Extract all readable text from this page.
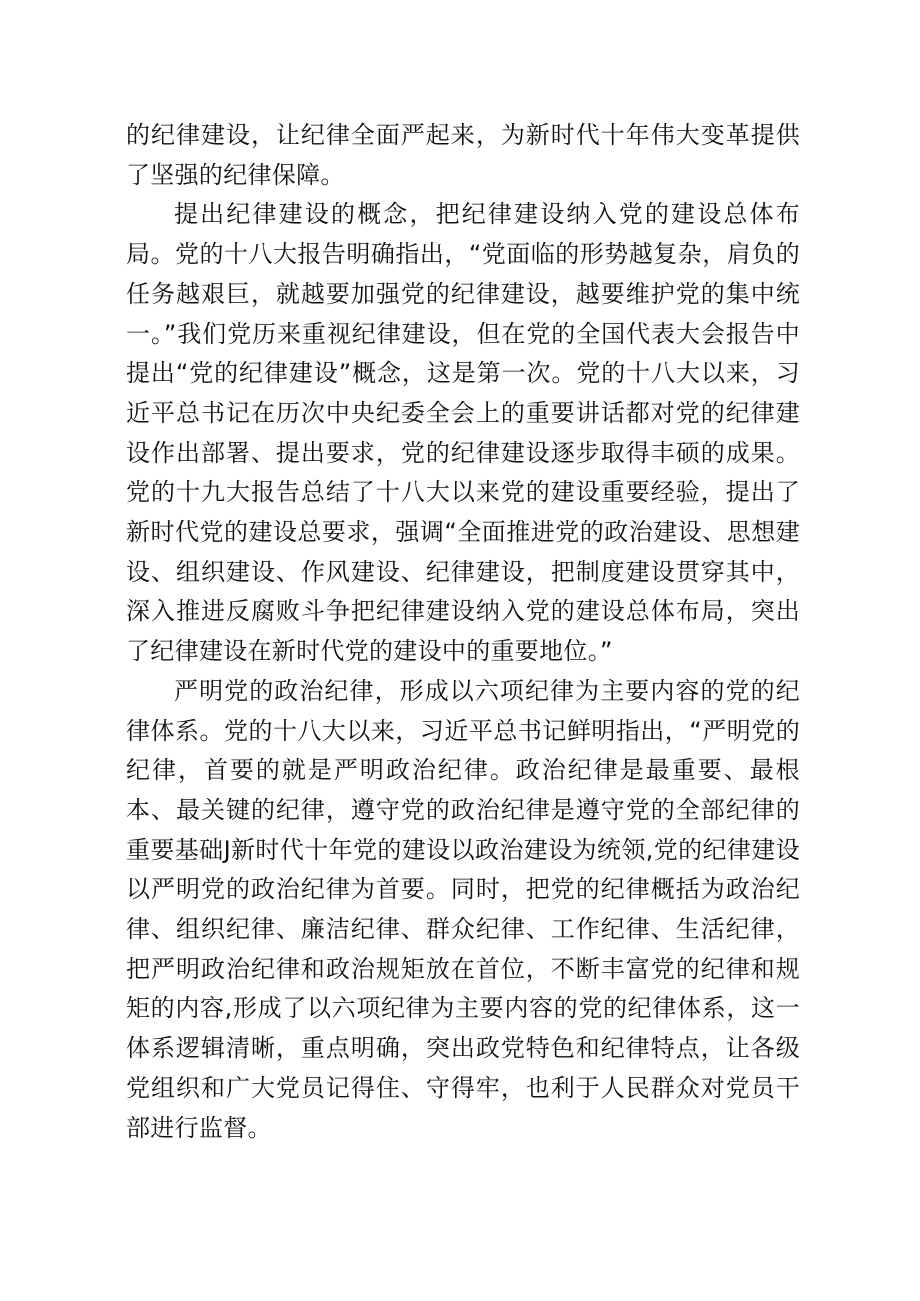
的纪律建设，让纪律全面严起来，为新时代十年伟大变革提供了坚强的纪律保障。

提出纪律建设的概念，把纪律建设纳入党的建设总体布局。党的十八大报告明确指出，“党面临的形势越复杂，肩负的任务越艰巨，就越要加强党的纪律建设，越要维护党的集中统一。”我们党历来重视纪律建设，但在党的全国代表大会报告中提出“党的纪律建设”概念，这是第一次。党的十八大以来，习近平总书记在历次中央纪委全会上的重要讲话都对党的纪律建设作出部署、提出要求，党的纪律建设逐步取得丰硕的成果。党的十九大报告总结了十八大以来党的建设重要经验，提出了新时代党的建设总要求，强调“全面推进党的政治建设、思想建设、组织建设、作风建设、纪律建设，把制度建设贯穿其中，深入推进反腐败斗争把纪律建设纳入党的建设总体布局，突出了纪律建设在新时代党的建设中的重要地位。”

严明党的政治纪律，形成以六项纪律为主要内容的党的纪律体系。党的十八大以来，习近平总书记鲜明指出，“严明党的纪律，首要的就是严明政治纪律。政治纪律是最重要、最根本、最关键的纪律，遵守党的政治纪律是遵守党的全部纪律的重要基础J新时代十年党的建设以政治建设为统领,党的纪律建设以严明党的政治纪律为首要。同时，把党的纪律概括为政治纪律、组织纪律、廉洁纪律、群众纪律、工作纪律、生活纪律，把严明政治纪律和政治规矩放在首位，不断丰富党的纪律和规矩的内容,形成了以六项纪律为主要内容的党的纪律体系，这一体系逻辑清晰，重点明确，突出政党特色和纪律特点，让各级党组织和广大党员记得住、守得牢，也利于人民群众对党员干部进行监督。
